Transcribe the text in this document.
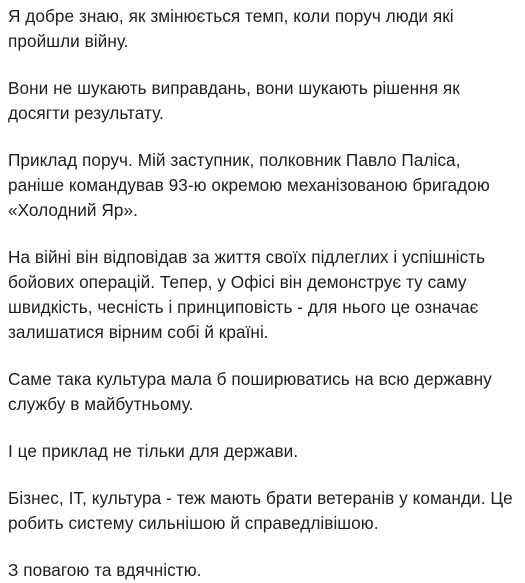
Я добре знаю, як змінюється темп, коли поруч люди які пройшли війну.

Вони не шукають виправдань, вони шукають рішення як досягти результату.

Приклад поруч. Мій заступник, полковник Павло Паліса, раніше командував 93-ю окремою механізованою бригадою «Холодний Яр».

На війні він відповідав за життя своїх підлеглих і успішність бойових операцій. Тепер, у Офісі він демонструє ту саму швидкість, чесність і принциповість - для нього це означає залишатися вірним собі й країні.

Саме така культура мала б поширюватись на всю державну службу в майбутньому.

І це приклад не тільки для держави.

Бізнес, IT, культура - теж мають брати ветеранів у команди. Це робить систему сильнішою й справедлівішою.

З повагою та вдячністю.
